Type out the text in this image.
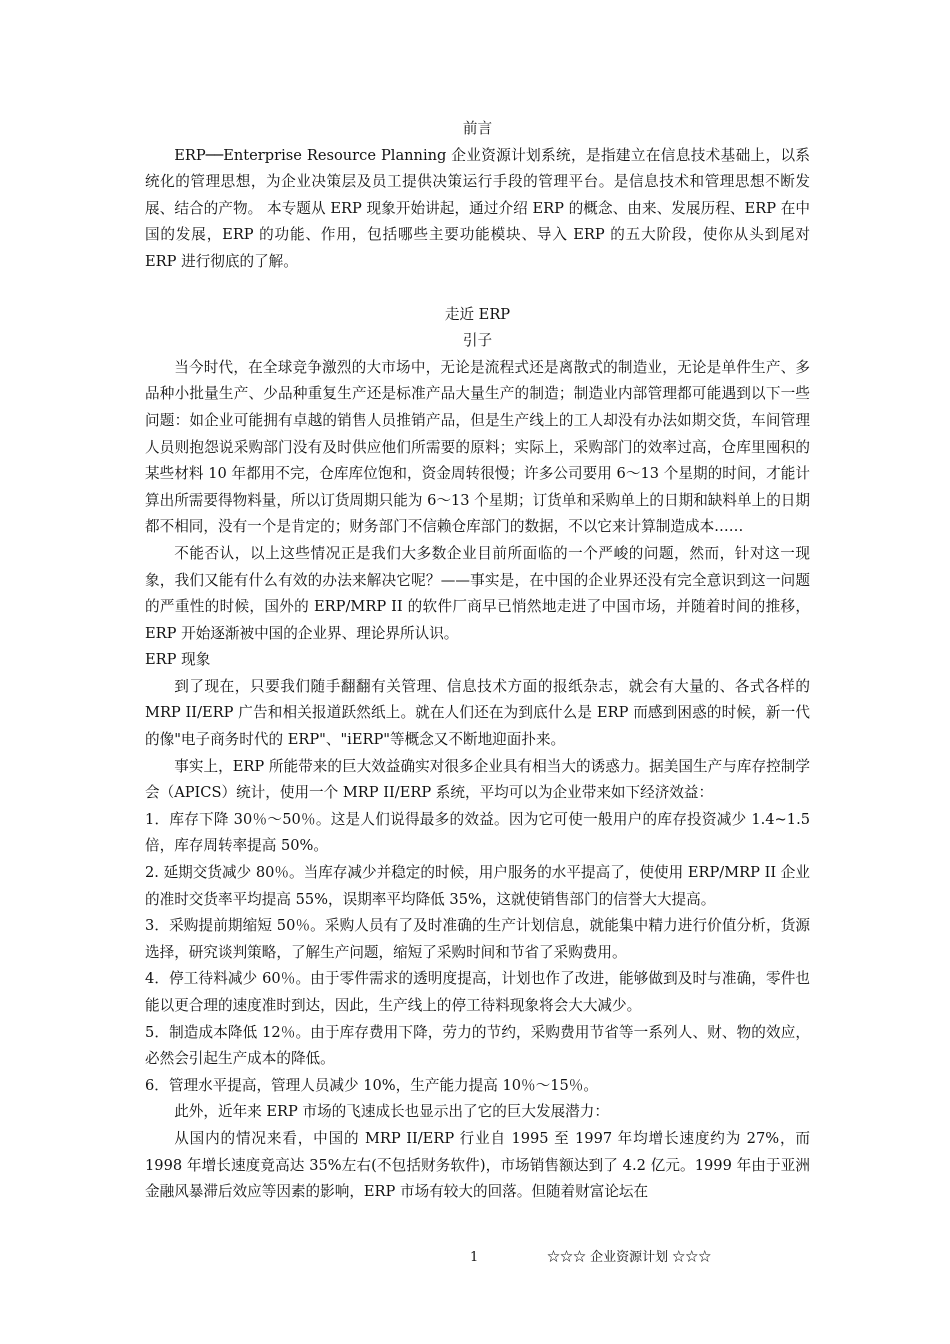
前言

ERP──Enterprise Resource Planning 企业资源计划系统，是指建立在信息技术基础上，以系统化的管理思想，为企业决策层及员工提供决策运行手段的管理平台。是信息技术和管理思想不断发展、结合的产物。 本专题从 ERP 现象开始讲起，通过介绍 ERP 的概念、由来、发展历程、ERP 在中国的发展，ERP 的功能、作用，包括哪些主要功能模块、导入 ERP 的五大阶段，使你从头到尾对 ERP 进行彻底的了解。

走近 ERP

引子

当今时代，在全球竞争激烈的大市场中，无论是流程式还是离散式的制造业，无论是单件生产、多品种小批量生产、少品种重复生产还是标准产品大量生产的制造；制造业内部管理都可能遇到以下一些问题：如企业可能拥有卓越的销售人员推销产品，但是生产线上的工人却没有办法如期交货，车间管理人员则抱怨说采购部门没有及时供应他们所需要的原料；实际上，采购部门的效率过高，仓库里囤积的某些材料 10 年都用不完，仓库库位饱和，资金周转很慢；许多公司要用 6～13 个星期的时间，才能计算出所需要得物料量，所以订货周期只能为 6～13 个星期；订货单和采购单上的日期和缺料单上的日期都不相同，没有一个是肯定的；财务部门不信赖仓库部门的数据，不以它来计算制造成本……

不能否认，以上这些情况正是我们大多数企业目前所面临的一个严峻的问题，然而，针对这一现象，我们又能有什么有效的办法来解决它呢？——事实是，在中国的企业界还没有完全意识到这一问题的严重性的时候，国外的 ERP/MRP II 的软件厂商早已悄然地走进了中国市场，并随着时间的推移，ERP 开始逐渐被中国的企业界、理论界所认识。

ERP 现象

到了现在，只要我们随手翻翻有关管理、信息技术方面的报纸杂志，就会有大量的、各式各样的 MRP II/ERP 广告和相关报道跃然纸上。就在人们还在为到底什么是 ERP 而感到困惑的时候，新一代的像"电子商务时代的 ERP"、"iERP"等概念又不断地迎面扑来。

事实上，ERP 所能带来的巨大效益确实对很多企业具有相当大的诱惑力。据美国生产与库存控制学会（APICS）统计，使用一个 MRP II/ERP 系统，平均可以为企业带来如下经济效益：

1．库存下降 30％～50％。这是人们说得最多的效益。因为它可使一般用户的库存投资减少 1.4~1.5 倍，库存周转率提高 50%。

2. 延期交货减少 80％。当库存减少并稳定的时候，用户服务的水平提高了，使使用 ERP/MRP II 企业的准时交货率平均提高 55%，误期率平均降低 35%，这就使销售部门的信誉大大提高。

3．采购提前期缩短 50％。采购人员有了及时准确的生产计划信息，就能集中精力进行价值分析，货源选择，研究谈判策略，了解生产问题，缩短了采购时间和节省了采购费用。

4．停工待料减少 60％。由于零件需求的透明度提高，计划也作了改进，能够做到及时与准确，零件也能以更合理的速度准时到达，因此，生产线上的停工待料现象将会大大减少。

5．制造成本降低 12％。由于库存费用下降，劳力的节约，采购费用节省等一系列人、财、物的效应，必然会引起生产成本的降低。

6．管理水平提高，管理人员减少 10%，生产能力提高 10％～15％。

此外，近年来 ERP 市场的飞速成长也显示出了它的巨大发展潜力：

从国内的情况来看，中国的 MRP II/ERP 行业自 1995 至 1997 年均增长速度约为 27%，而 1998 年增长速度竟高达 35%左右(不包括财务软件)，市场销售额达到了 4.2 亿元。1999 年由于亚洲金融风暴滞后效应等因素的影响，ERP 市场有较大的回落。但随着财富论坛在

1	☆☆☆ 企业资源计划 ☆☆☆
